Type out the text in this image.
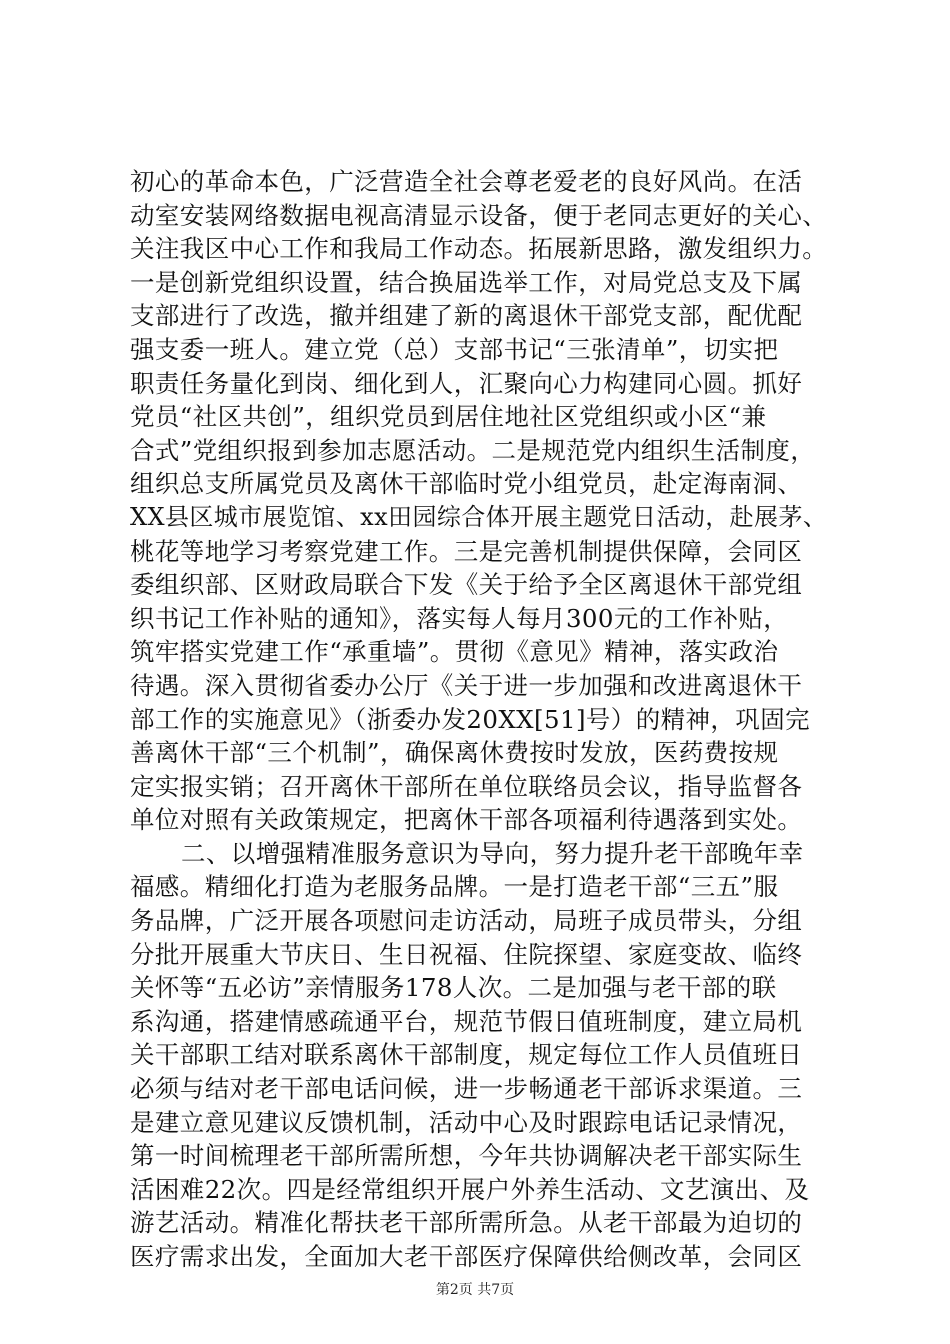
初心的革命本色，广泛营造全社会尊老爱老的良好风尚。在活
动室安装网络数据电视高清显示设备，便于老同志更好的关心、
关注我区中心工作和我局工作动态。拓展新思路，激发组织力。
一是创新党组织设置，结合换届选举工作，对局党总支及下属
支部进行了改选，撤并组建了新的离退休干部党支部，配优配
强支委一班人。建立党（总）支部书记“三张清单”，切实把
职责任务量化到岗、细化到人，汇聚向心力构建同心圆。抓好
党员“社区共创”，组织党员到居住地社区党组织或小区“兼
合式”党组织报到参加志愿活动。二是规范党内组织生活制度，
组织总支所属党员及离休干部临时党小组党员，赴定海南洞、
XX县区城市展览馆、xx田园综合体开展主题党日活动，赴展茅、
桃花等地学习考察党建工作。三是完善机制提供保障，会同区
委组织部、区财政局联合下发《关于给予全区离退休干部党组
织书记工作补贴的通知》，落实每人每月300元的工作补贴，
筑牢搭实党建工作“承重墙”。贯彻《意见》精神，落实政治
待遇。深入贯彻省委办公厅《关于进一步加强和改进离退休干
部工作的实施意见》（浙委办发20XX[51]号）的精神，巩固完
善离休干部“三个机制”，确保离休费按时发放，医药费按规
定实报实销；召开离休干部所在单位联络员会议，指导监督各
单位对照有关政策规定，把离休干部各项福利待遇落到实处。
二、以增强精准服务意识为导向，努力提升老干部晚年幸
福感。精细化打造为老服务品牌。一是打造老干部“三五”服
务品牌，广泛开展各项慰问走访活动，局班子成员带头，分组
分批开展重大节庆日、生日祝福、住院探望、家庭变故、临终
关怀等“五必访”亲情服务178人次。二是加强与老干部的联
系沟通，搭建情感疏通平台，规范节假日值班制度，建立局机
关干部职工结对联系离休干部制度，规定每位工作人员值班日
必须与结对老干部电话问候，进一步畅通老干部诉求渠道。三
是建立意见建议反馈机制，活动中心及时跟踪电话记录情况，
第一时间梳理老干部所需所想，今年共协调解决老干部实际生
活困难22次。四是经常组织开展户外养生活动、文艺演出、及
游艺活动。精准化帮扶老干部所需所急。从老干部最为迫切的
医疗需求出发，全面加大老干部医疗保障供给侧改革，会同区
第2页 共7页
